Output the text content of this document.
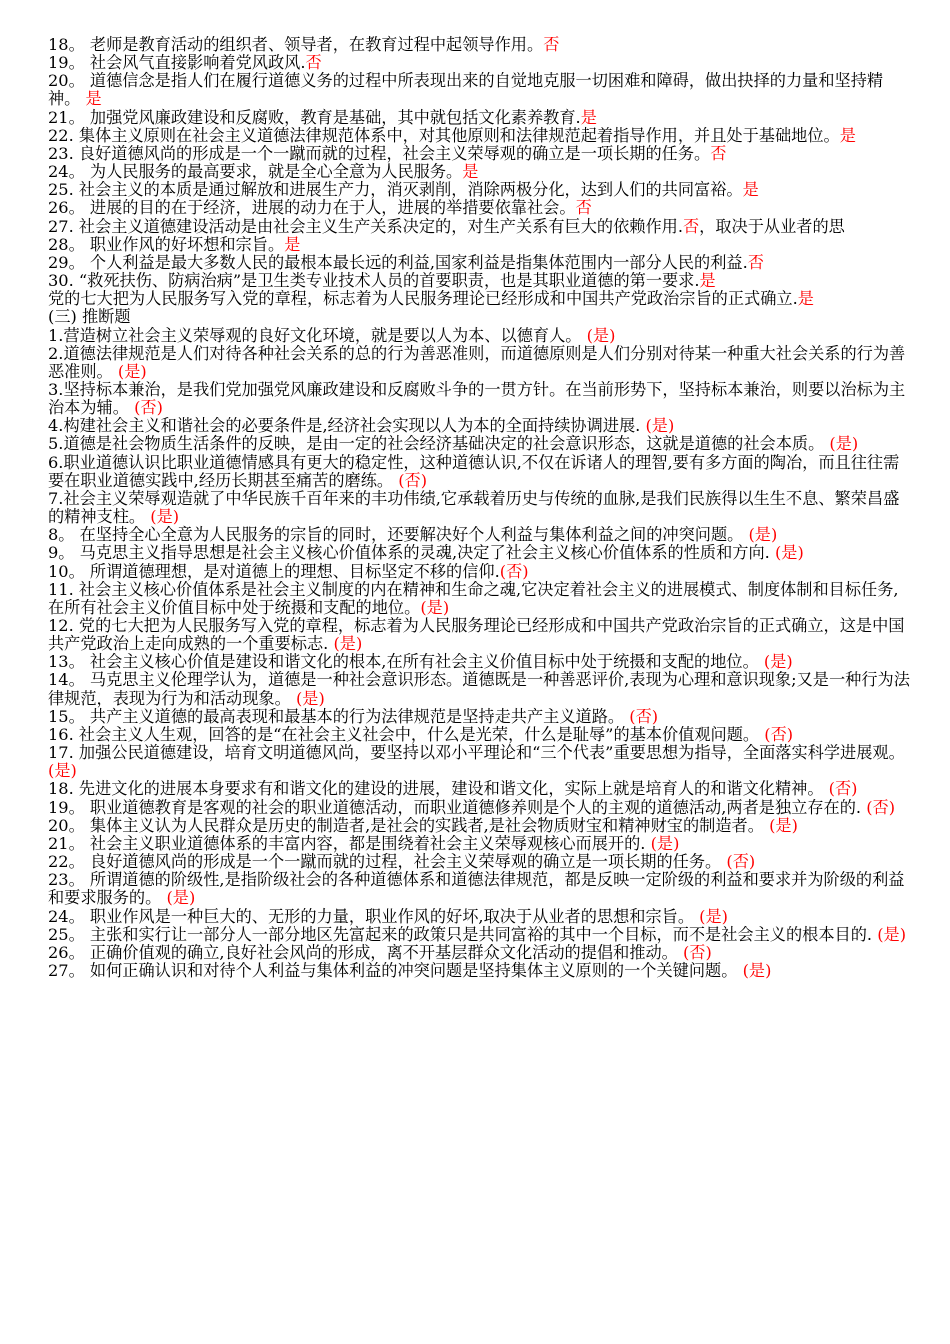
18。 老师是教育活动的组织者、领导者，在教育过程中起领导作用。否
19。 社会风气直接影响着党风政风.否
20。 道德信念是指人们在履行道德义务的过程中所表现出来的自觉地克服一切困难和障碍，做出抉择的力量和坚持精神。 是
21。 加强党风廉政建设和反腐败，教育是基础，其中就包括文化素养教育.是
22. 集体主义原则在社会主义道德法律规范体系中，对其他原则和法律规范起着指导作用，并且处于基础地位。是
23. 良好道德风尚的形成是一个一蹴而就的过程，社会主义荣辱观的确立是一项长期的任务。否
24。 为人民服务的最高要求，就是全心全意为人民服务。是
25. 社会主义的本质是通过解放和进展生产力，消灭剥削，消除两极分化，达到人们的共同富裕。是
26。 进展的目的在于经济，进展的动力在于人，进展的举措要依靠社会。否
27. 社会主义道德建设活动是由社会主义生产关系决定的，对生产关系有巨大的依赖作用.否，取决于从业者的思
28。 职业作风的好坏想和宗旨。是
29。 个人利益是最大多数人民的最根本最长远的利益,国家利益是指集体范围内一部分人民的利益.否
30. “救死扶伤、防病治病”是卫生类专业技术人员的首要职责，也是其职业道德的第一要求.是
党的七大把为人民服务写入党的章程，标志着为人民服务理论已经形成和中国共产党政治宗旨的正式确立.是
(三) 推断题
1.营造树立社会主义荣辱观的良好文化环境，就是要以人为本、以德育人。 (是)
2.道德法律规范是人们对待各种社会关系的总的行为善恶准则，而道德原则是人们分别对待某一种重大社会关系的行为善恶准则。 (是)
3.坚持标本兼治，是我们党加强党风廉政建设和反腐败斗争的一贯方针。在当前形势下，坚持标本兼治，则要以治标为主治本为辅。 (否)
4.构建社会主义和谐社会的必要条件是,经济社会实现以人为本的全面持续协调进展. (是)
5.道德是社会物质生活条件的反映，是由一定的社会经济基础决定的社会意识形态，这就是道德的社会本质。 (是)
6.职业道德认识比职业道德情感具有更大的稳定性，这种道德认识,不仅在诉诸人的理智,要有多方面的陶冶，而且往往需要在职业道德实践中,经历长期甚至痛苦的磨练。 (否)
7.社会主义荣辱观造就了中华民族千百年来的丰功伟绩,它承载着历史与传统的血脉,是我们民族得以生生不息、繁荣昌盛的精神支柱。 (是)
8。 在坚持全心全意为人民服务的宗旨的同时，还要解决好个人利益与集体利益之间的冲突问题。 (是)
9。 马克思主义指导思想是社会主义核心价值体系的灵魂,决定了社会主义核心价值体系的性质和方向. (是)
10。 所谓道德理想，是对道德上的理想、目标坚定不移的信仰.(否)
11. 社会主义核心价值体系是社会主义制度的内在精神和生命之魂,它决定着社会主义的进展模式、制度体制和目标任务,在所有社会主义价值目标中处于统摄和支配的地位。(是)
12. 党的七大把为人民服务写入党的章程，标志着为人民服务理论已经形成和中国共产党政治宗旨的正式确立，这是中国共产党政治上走向成熟的一个重要标志. (是)
13。 社会主义核心价值是建设和谐文化的根本,在所有社会主义价值目标中处于统摄和支配的地位。 (是)
14。 马克思主义伦理学认为，道德是一种社会意识形态。道德既是一种善恶评价,表现为心理和意识现象;又是一种行为法律规范，表现为行为和活动现象。 (是)
15。 共产主义道德的最高表现和最基本的行为法律规范是坚持走共产主义道路。 (否)
16. 社会主义人生观，回答的是“在社会主义社会中，什么是光荣，什么是耻辱”的基本价值观问题。 (否)
17. 加强公民道德建设，培育文明道德风尚，要坚持以邓小平理论和“三个代表”重要思想为指导，全面落实科学进展观。 (是)
18. 先进文化的进展本身要求有和谐文化的建设的进展，建设和谐文化，实际上就是培育人的和谐文化精神。 (否)
19。 职业道德教育是客观的社会的职业道德活动，而职业道德修养则是个人的主观的道德活动,两者是独立存在的. (否)
20。 集体主义认为人民群众是历史的制造者,是社会的实践者,是社会物质财宝和精神财宝的制造者。 (是)
21。 社会主义职业道德体系的丰富内容，都是围绕着社会主义荣辱观核心而展开的. (是)
22。 良好道德风尚的形成是一个一蹴而就的过程，社会主义荣辱观的确立是一项长期的任务。 (否)
23。 所谓道德的阶级性,是指阶级社会的各种道德体系和道德法律规范，都是反映一定阶级的利益和要求并为阶级的利益和要求服务的。 (是)
24。 职业作风是一种巨大的、无形的力量，职业作风的好坏,取决于从业者的思想和宗旨。 (是)
25。 主张和实行让一部分人一部分地区先富起来的政策只是共同富裕的其中一个目标，而不是社会主义的根本目的. (是)
26。 正确价值观的确立,良好社会风尚的形成，离不开基层群众文化活动的提倡和推动。 (否)
27。 如何正确认识和对待个人利益与集体利益的冲突问题是坚持集体主义原则的一个关键问题。 (是)
